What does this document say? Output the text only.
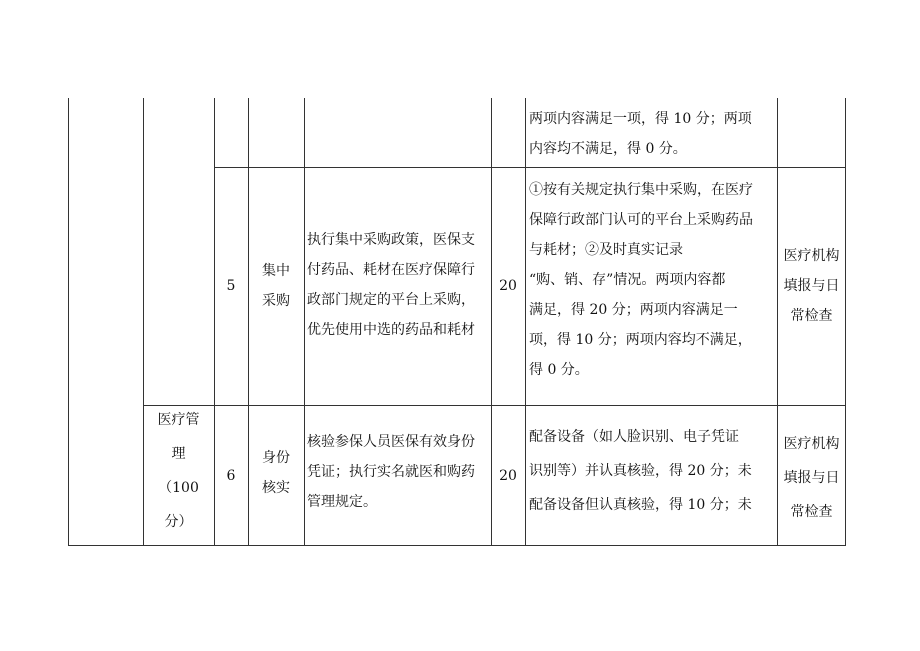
两项内容满足一项，得 10 分；两项
内容均不满足，得 0 分。
5
集中
采购
执行集中采购政策，医保支
付药品、耗材在医疗保障行
政部门规定的平台上采购，
优先使用中选的药品和耗材
20
①按有关规定执行集中采购，在医疗
保障行政部门认可的平台上采购药品
与耗材；②及时真实记录
“购、销、存”情况。两项内容都
满足，得 20 分；两项内容满足一
项，得 10 分；两项内容均不满足，
得 0 分。
医疗机构
填报与日
常检查
医疗管
理
（100
分）
6
身份
核实
核验参保人员医保有效身份
凭证；执行实名就医和购药
管理规定。
20
配备设备（如人脸识别、电子凭证
识别等）并认真核验，得 20 分；未
配备设备但认真核验，得 10 分；未
医疗机构
填报与日
常检查
